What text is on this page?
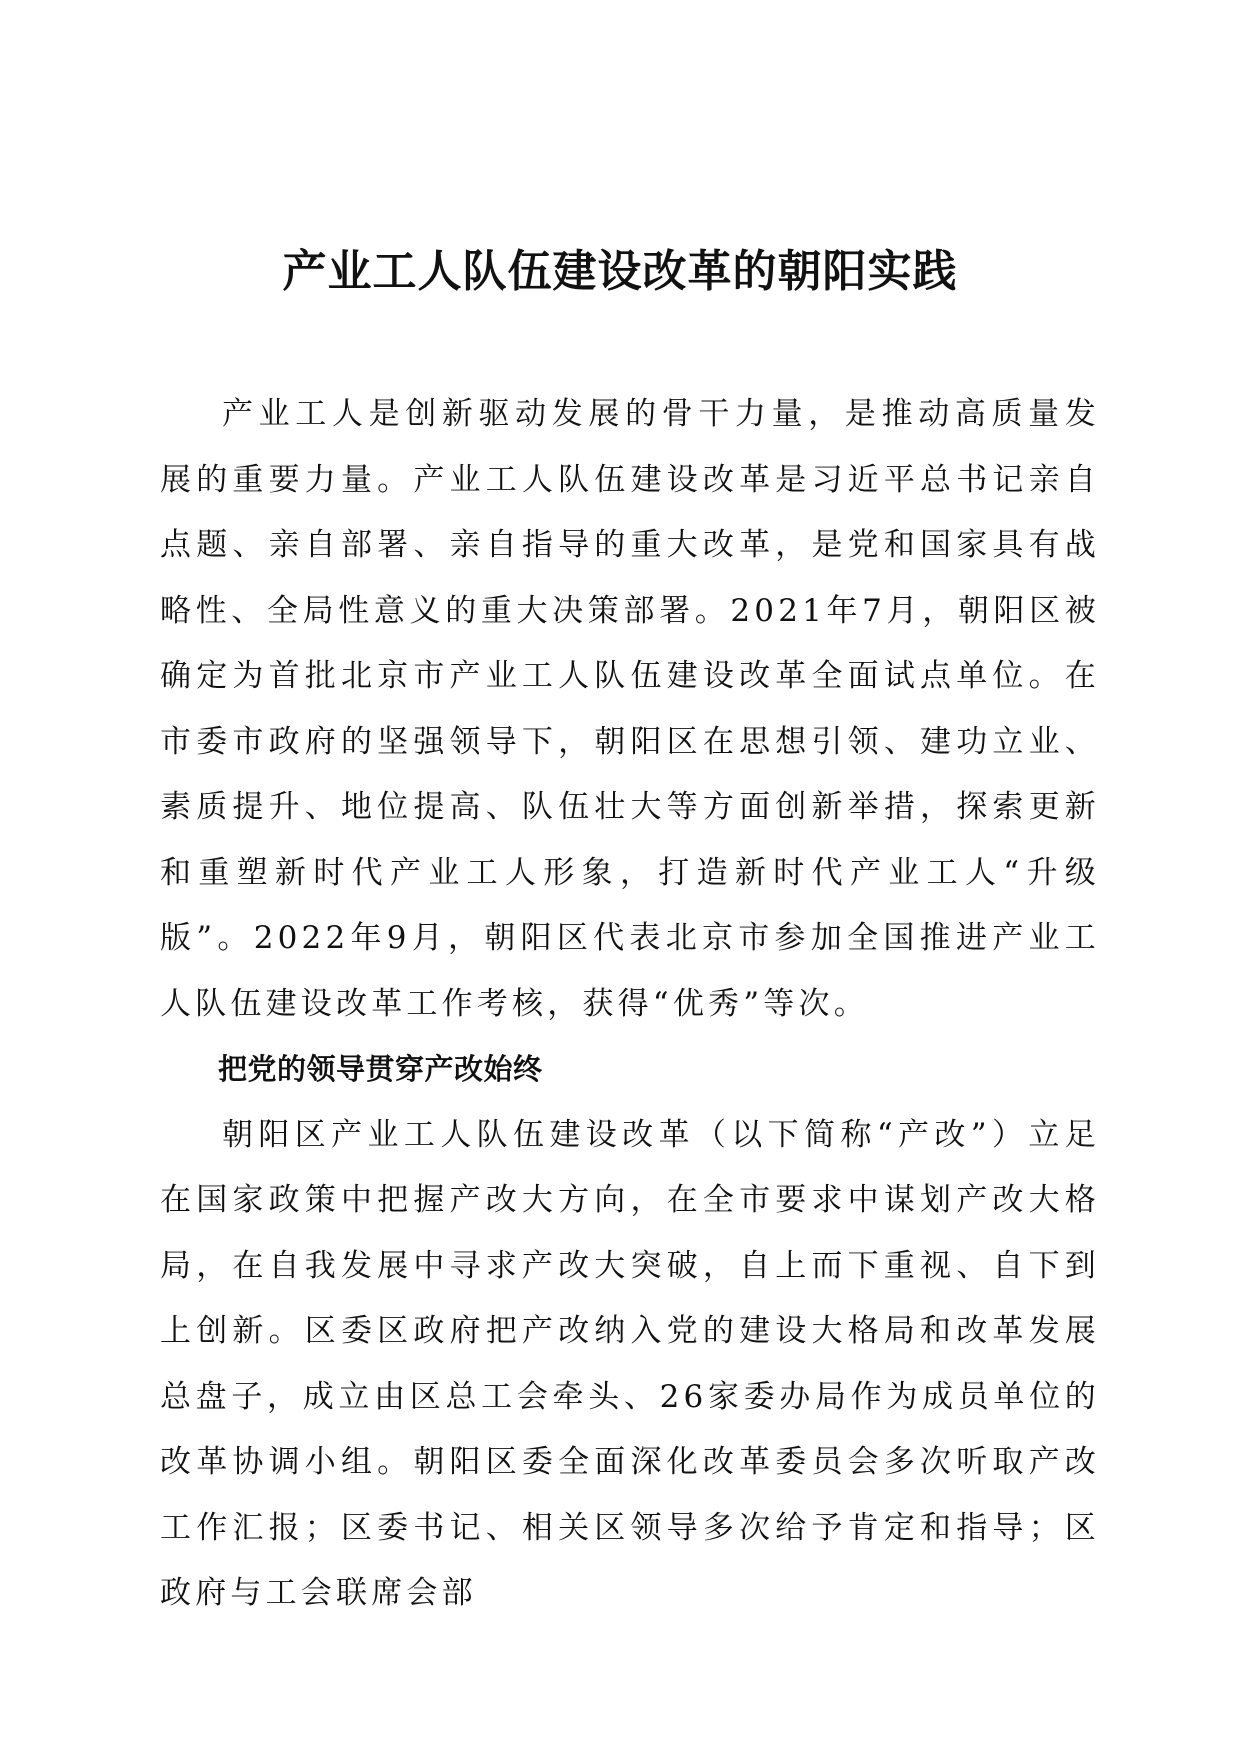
产业工人队伍建设改革的朝阳实践

产业工人是创新驱动发展的骨干力量，是推动高质量发展的重要力量。产业工人队伍建设改革是习近平总书记亲自点题、亲自部署、亲自指导的重大改革，是党和国家具有战略性、全局性意义的重大决策部署。2021年7月，朝阳区被确定为首批北京市产业工人队伍建设改革全面试点单位。在市委市政府的坚强领导下，朝阳区在思想引领、建功立业、素质提升、地位提高、队伍壮大等方面创新举措，探索更新和重塑新时代产业工人形象，打造新时代产业工人“升级版”。2022年9月，朝阳区代表北京市参加全国推进产业工人队伍建设改革工作考核，获得“优秀”等次。

把党的领导贯穿产改始终

朝阳区产业工人队伍建设改革（以下简称“产改”）立足在国家政策中把握产改大方向，在全市要求中谋划产改大格局，在自我发展中寻求产改大突破，自上而下重视、自下到上创新。区委区政府把产改纳入党的建设大格局和改革发展总盘子，成立由区总工会牵头、26家委办局作为成员单位的改革协调小组。朝阳区委全面深化改革委员会多次听取产改工作汇报；区委书记、相关区领导多次给予肯定和指导；区政府与工会联席会部
